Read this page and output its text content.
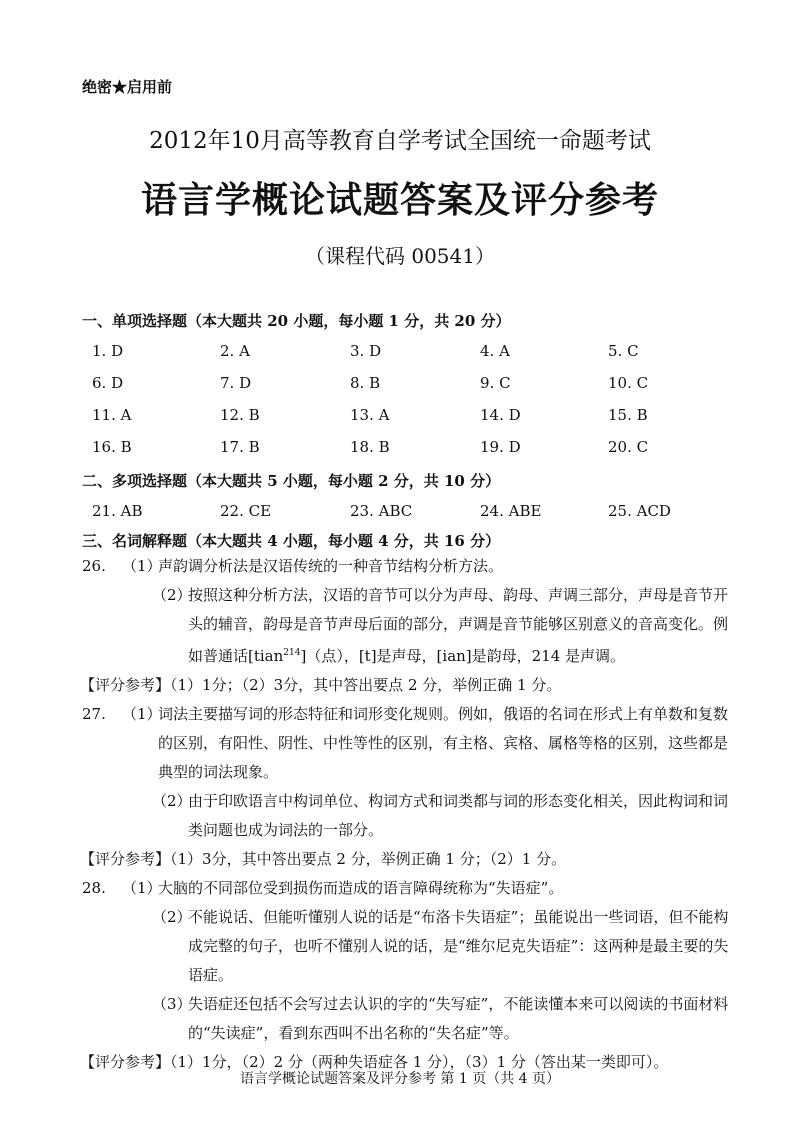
绝密★启用前
2012年10月高等教育自学考试全国统一命题考试
语言学概论试题答案及评分参考
（课程代码 00541）
一、单项选择题（本大题共 20 小题，每小题 1 分，共 20 分）
1. D	2. A	3. D	4. A	5. C
6. D	7. D	8. B	9. C	10. C
11. A	12. B	13. A	14. D	15. B
16. B	17. B	18. B	19. D	20. C
二、多项选择题（本大题共 5 小题，每小题 2 分，共 10 分）
21. AB	22. CE	23. ABC	24. ABE	25. ACD
三、名词解释题（本大题共 4 小题，每小题 4 分，共 16 分）
26. （1）
声韵调分析法是汉语传统的一种音节结构分析方法。
（2）
按照这种分析方法，汉语的音节可以分为声母、韵母、声调三部分，声母是音节开头的辅音，韵母是音节声母后面的部分，声调是音节能够区别意义的音高变化。例如普通话[tian$^{214}$]（点），[t]是声母，[ian]是韵母，214 是声调。
【评分参考】（1）1分；（2）3分，其中答出要点 2 分，举例正确 1 分。
27. （1）
词法主要描写词的形态特征和词形变化规则。例如，俄语的名词在形式上有单数和复数的区别，有阳性、阴性、中性等性的区别，有主格、宾格、属格等格的区别，这些都是典型的词法现象。
（2）
由于印欧语言中构词单位、构词方式和词类都与词的形态变化相关，因此构词和词类问题也成为词法的一部分。
【评分参考】（1）3分，其中答出要点 2 分，举例正确 1 分；（2）1 分。
28. （1）
大脑的不同部位受到损伤而造成的语言障碍统称为“失语症”。
（2）
不能说话、但能听懂别人说的话是“布洛卡失语症”；虽能说出一些词语，但不能构成完整的句子，也听不懂别人说的话，是“维尔尼克失语症”：这两种是最主要的失语症。
（3）
失语症还包括不会写过去认识的字的“失写症”，不能读懂本来可以阅读的书面材料的“失读症”，看到东西叫不出名称的“失名症”等。
【评分参考】（1）1分，（2）2 分（两种失语症各 1 分），（3）1 分（答出某一类即可）。
语言学概论试题答案及评分参考 第 1 页（共 4 页）
